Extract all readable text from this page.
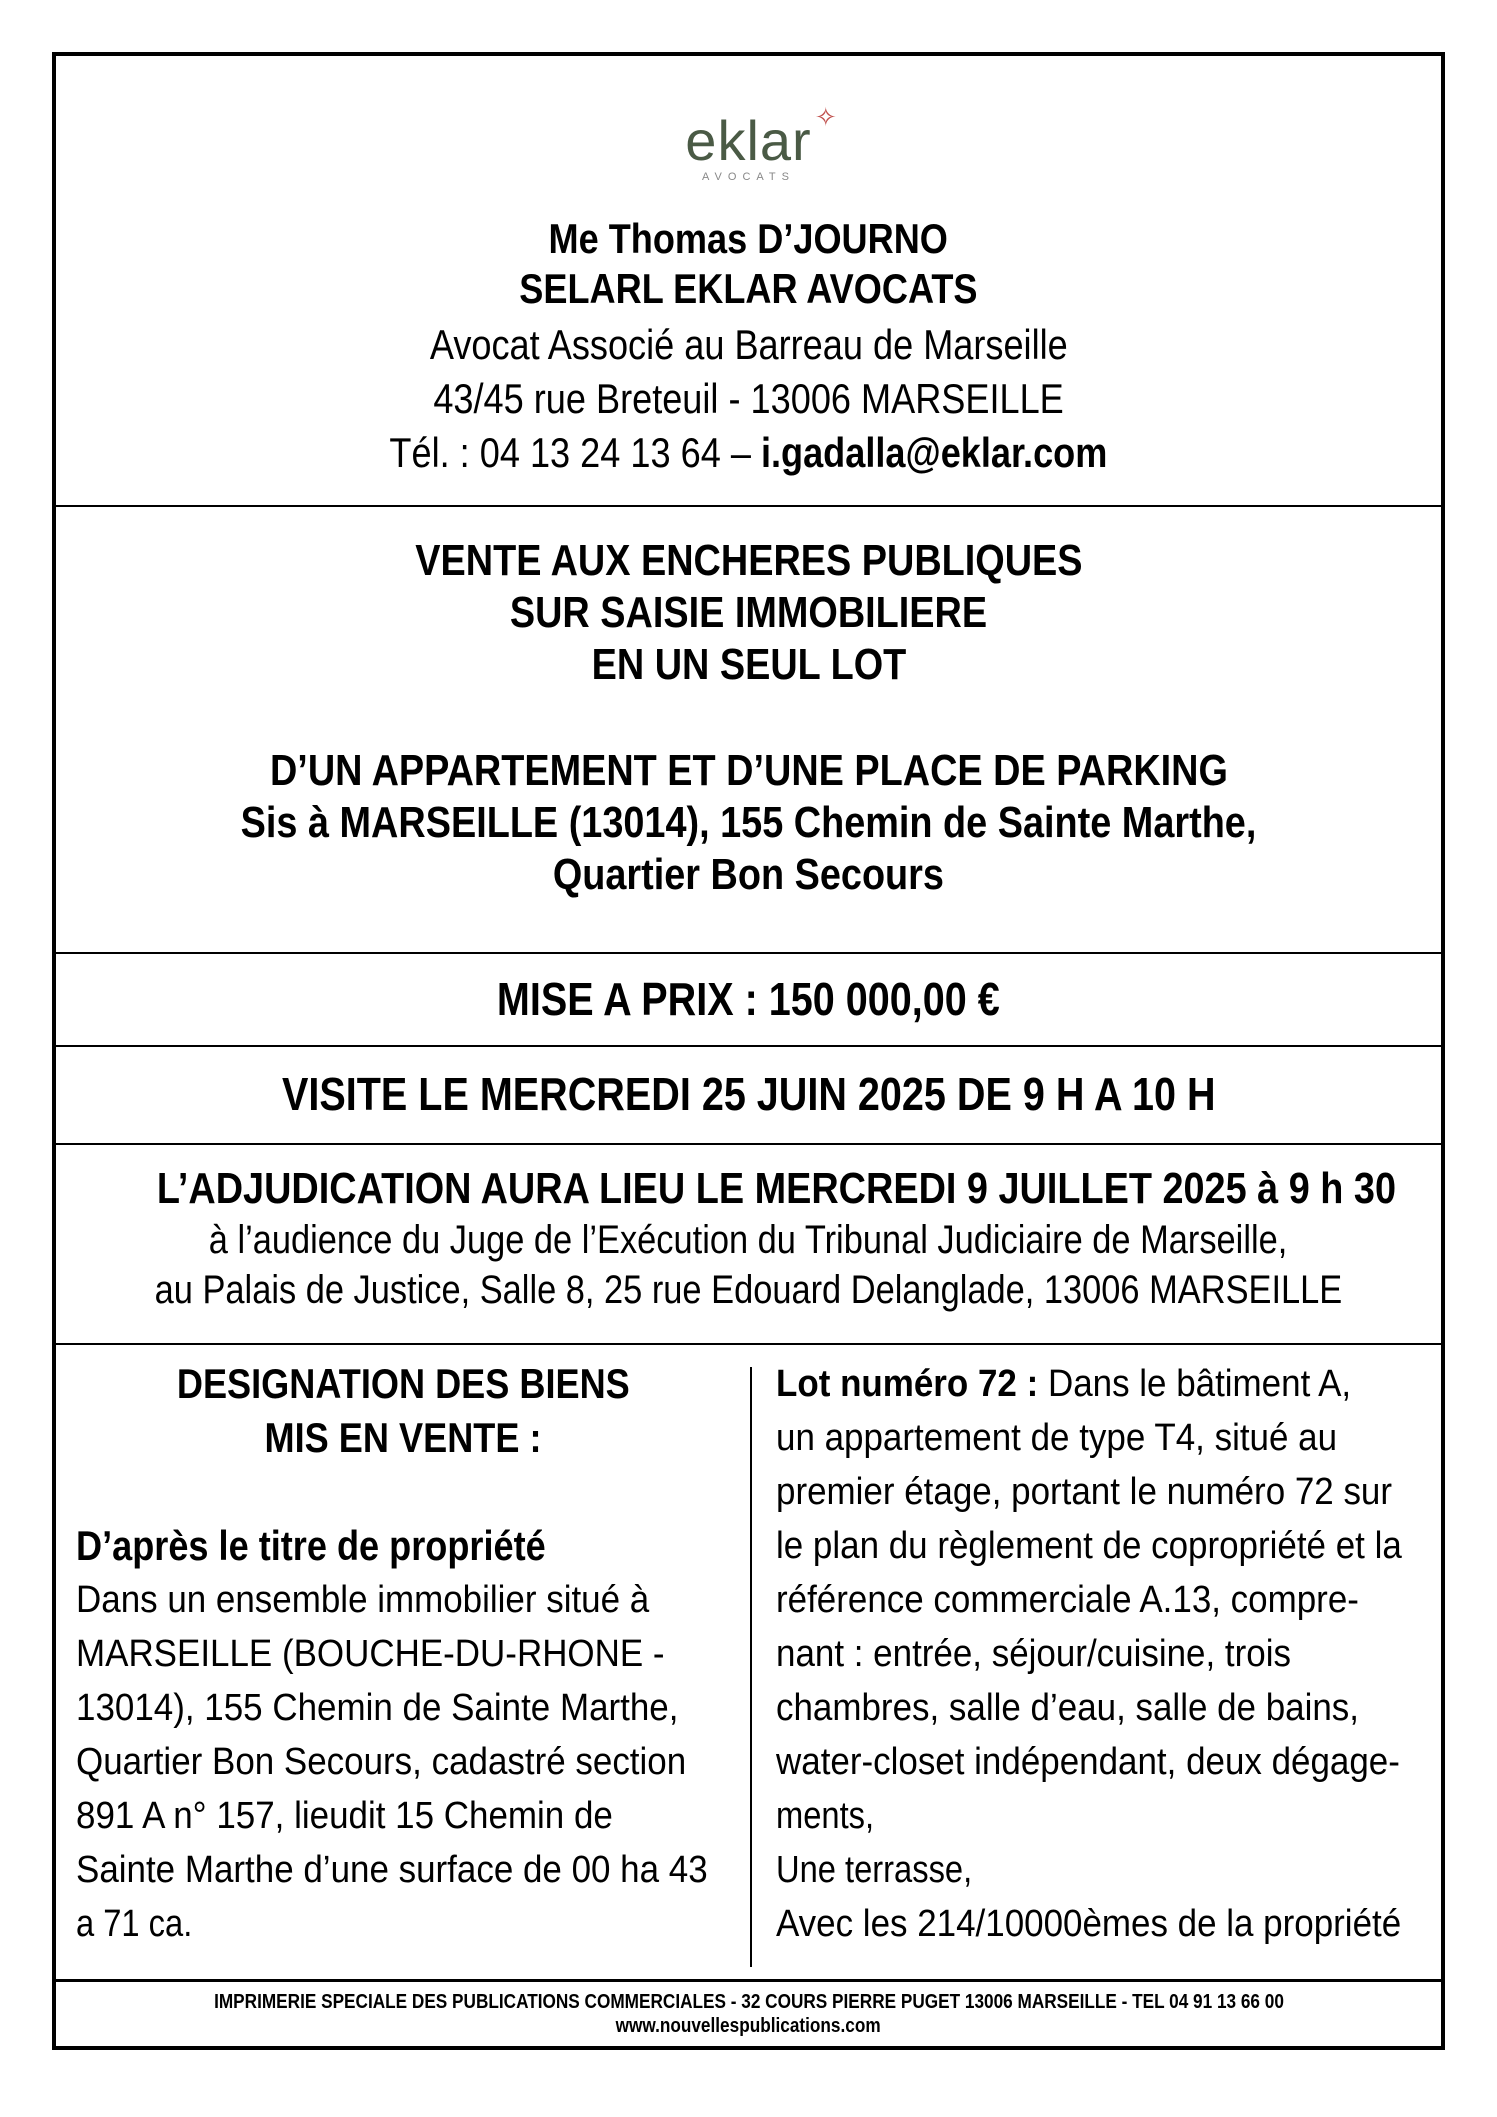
eklar ✧
AVOCATS
Me Thomas D’JOURNO
SELARL EKLAR AVOCATS
Avocat Associé au Barreau de Marseille
43/45 rue Breteuil - 13006 MARSEILLE
Tél. : 04 13 24 13 64 – i.gadalla@eklar.com
VENTE AUX ENCHERES PUBLIQUES
SUR SAISIE IMMOBILIERE
EN UN SEUL LOT
D’UN APPARTEMENT ET D’UNE PLACE DE PARKING
Sis à MARSEILLE (13014), 155 Chemin de Sainte Marthe,
Quartier Bon Secours
MISE A PRIX : 150 000,00 €
VISITE LE MERCREDI 25 JUIN 2025 DE 9 H A 10 H
L’ADJUDICATION AURA LIEU LE MERCREDI 9 JUILLET 2025 à 9 h 30
à l’audience du Juge de l’Exécution du Tribunal Judiciaire de Marseille,
au Palais de Justice, Salle 8, 25 rue Edouard Delanglade, 13006 MARSEILLE
DESIGNATION DES BIENS
MIS EN VENTE :
D’après le titre de propriété
Dans un ensemble immobilier situé à
MARSEILLE (BOUCHE-DU-RHONE -
13014), 155 Chemin de Sainte Marthe,
Quartier Bon Secours, cadastré section
891 A n° 157, lieudit 15 Chemin de
Sainte Marthe d’une surface de 00 ha 43
a 71 ca.
Lot numéro 72 : Dans le bâtiment A,
un appartement de type T4, situé au
premier étage, portant le numéro 72 sur
le plan du règlement de copropriété et la
référence commerciale A.13, compre-
nant : entrée, séjour/cuisine, trois
chambres, salle d’eau, salle de bains,
water-closet indépendant, deux dégage-
ments,
Une terrasse,
Avec les 214/10000èmes de la propriété
IMPRIMERIE SPECIALE DES PUBLICATIONS COMMERCIALES - 32 COURS PIERRE PUGET 13006 MARSEILLE - TEL 04 91 13 66 00
www.nouvellespublications.com
